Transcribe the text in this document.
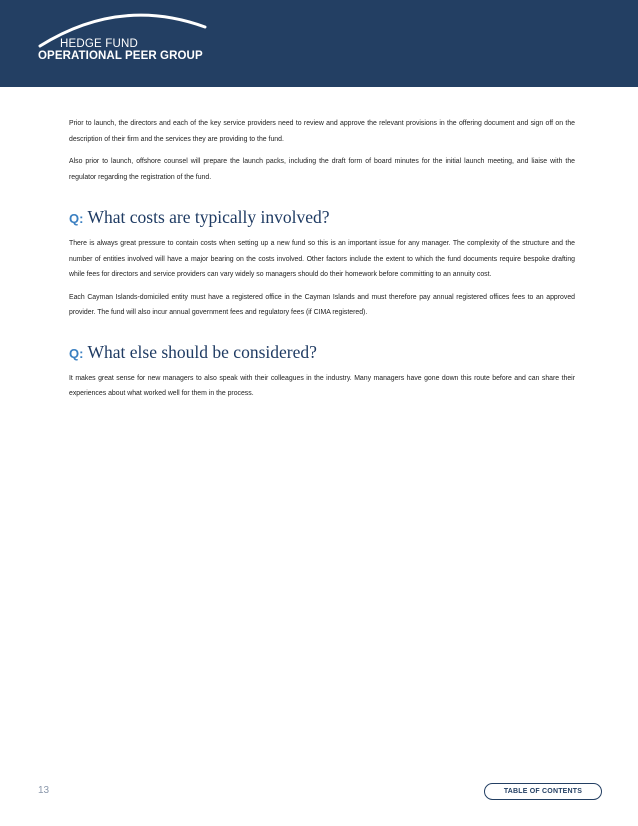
HEDGE FUND
OPERATIONAL PEER GROUP

Prior to launch, the directors and each of the key service providers need to review and approve the relevant provisions in the offering document and sign off on the description of their firm and the services they are providing to the fund.

Also prior to launch, offshore counsel will prepare the launch packs, including the draft form of board minutes for the initial launch meeting, and liaise with the regulator regarding the registration of the fund.

Q: What costs are typically involved?

There is always great pressure to contain costs when setting up a new fund so this is an important issue for any manager. The complexity of the structure and the number of entities involved will have a major bearing on the costs involved. Other factors include the extent to which the fund documents require bespoke drafting while fees for directors and service providers can vary widely so managers should do their homework before committing to an annuity cost.

Each Cayman Islands-domiciled entity must have a registered office in the Cayman Islands and must therefore pay annual registered offices fees to an approved provider. The fund will also incur annual government fees and regulatory fees (if CIMA registered).

Q: What else should be considered?

It makes great sense for new managers to also speak with their colleagues in the industry. Many managers have gone down this route before and can share their experiences about what worked well for them in the process.

13	TABLE OF CONTENTS
